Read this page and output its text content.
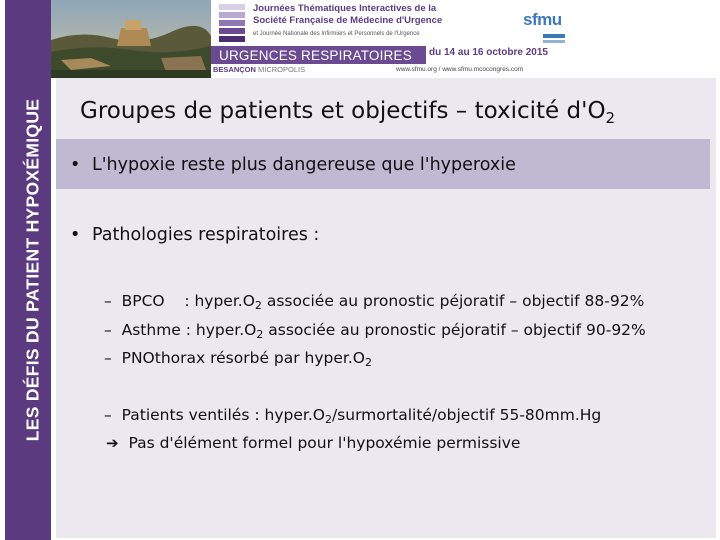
LES DÉFIS DU PATIENT HYPOXÉMIQUE
Journées Thématiques Interactives de la
Société Française de Médecine d'Urgence
et Journée Nationale des Infirmiers et Personnels de l'Urgence
URGENCES RESPIRATOIRES du 14 au 16 octobre 2015
BESANÇON MICROPOLIS	www.sfmu.org / www.sfmu.mcocongres.com
sfmu
Groupes de patients et objectifs – toxicité $d'O_2$
• L'hypoxie reste plus dangereuse que l'hyperoxie
• Pathologies respiratoires :
– BPCO    : $hyper.O_2$ associée au pronostic péjoratif – objectif 88-92%
– Asthme : $hyper.O_2$ associée au pronostic péjoratif – objectif 90-92%
– PNOthorax résorbé par $hyper.O_2$
– Patients ventilés : $hyper.O_2/surmortalité$/objectif 55-80mm.Hg
➔ Pas d'élément formel pour l'hypoxémie permissive
